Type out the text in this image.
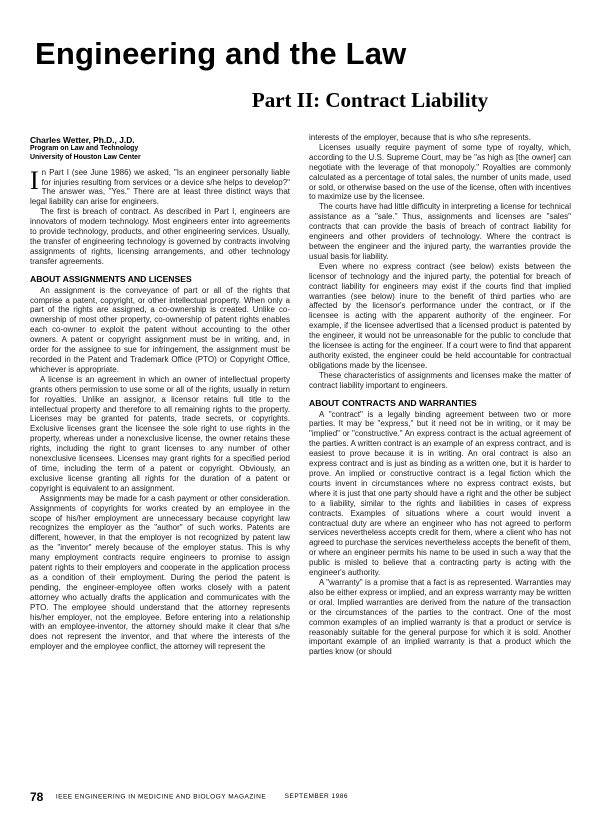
Engineering and the Law
Part II: Contract Liability

Charles Wetter, Ph.D., J.D.

Program on Law and Technology

University of Houston Law Center

In Part I (see June 1986) we asked, "Is an engineer personally liable for injuries resulting from services or a device s/he helps to develop?" The answer was, "Yes." There are at least three distinct ways that legal liability can arise for engineers.

The first is breach of contract. As described in Part I, engineers are innovators of modern technology. Most engineers enter into agreements to provide technology, products, and other engineering services. Usually, the transfer of engineering technology is governed by contracts involving assignments of rights, licensing arrangements, and other technology transfer agreements.

ABOUT ASSIGNMENTS AND LICENSES

An assignment is the conveyance of part or all of the rights that comprise a patent, copyright, or other intellectual property. When only a part of the rights are assigned, a co-ownership is created. Unlike co-ownership of most other property, co-ownership of patent rights enables each co-owner to exploit the patent without accounting to the other owners. A patent or copyright assignment must be in writing, and, in order for the assignee to sue for infringement, the assignment must be recorded in the Patent and Trademark Office (PTO) or Copyright Office, whichever is appropriate.

A license is an agreement in which an owner of intellectual property grants others permission to use some or all of the rights, usually in return for royalties. Unlike an assignor, a licensor retains full title to the intellectual property and therefore to all remaining rights to the property. Licenses may be granted for patents, trade secrets, or copyrights. Exclusive licenses grant the licensee the sole right to use rights in the property, whereas under a nonexclusive license, the owner retains these rights, including the right to grant licenses to any number of other nonexclusive licensees. Licenses may grant rights for a specified period of time, including the term of a patent or copyright. Obviously, an exclusive license granting all rights for the duration of a patent or copyright is equivalent to an assignment.

Assignments may be made for a cash payment or other consideration. Assignments of copyrights for works created by an employee in the scope of his/her employment are unnecessary because copyright law recognizes the employer as the "author" of such works. Patents are different, however, in that the employer is not recognized by patent law as the "inventor" merely because of the employer status. This is why many employment contracts require engineers to promise to assign patent rights to their employers and cooperate in the application process as a condition of their employment. During the period the patent is pending, the engineer-employee often works closely with a patent attorney who actually drafts the application and communicates with the PTO. The employee should understand that the attorney represents his/her employer, not the employee. Before entering into a relationship with an employee-inventor, the attorney should make it clear that s/he does not represent the inventor, and that where the interests of the employer and the employee conflict, the attorney will represent the

interests of the employer, because that is who s/he represents.

Licenses usually require payment of some type of royalty, which, according to the U.S. Supreme Court, may be "as high as [the owner] can negotiate with the leverage of that monopoly." Royalties are commonly calculated as a percentage of total sales, the number of units made, used or sold, or otherwise based on the use of the license, often with incentives to maximize use by the licensee.

The courts have had little difficulty in interpreting a license for technical assistance as a "sale." Thus, assignments and licenses are "sales" contracts that can provide the basis of breach of contract liability for engineers and other providers of technology. Where the contract is between the engineer and the injured party, the warranties provide the usual basis for liability.

Even where no express contract (see below) exists between the licensor of technology and the injured party, the potential for breach of contract liability for engineers may exist if the courts find that implied warranties (see below) inure to the benefit of third parties who are affected by the licensor's performance under the contract, or if the licensee is acting with the apparent authority of the engineer. For example, if the licensee advertised that a licensed product is patented by the engineer, it would not be unreasonable for the public to conclude that the licensee is acting for the engineer. If a court were to find that apparent authority existed, the engineer could be held accountable for contractual obligations made by the licensee.

These characteristics of assignments and licenses make the matter of contract liability important to engineers.

ABOUT CONTRACTS AND WARRANTIES

A "contract" is a legally binding agreement between two or more parties. It may be "express," but it need not be in writing, or it may be "implied" or "constructive." An express contract is the actual agreement of the parties. A written contract is an example of an express contract, and is easiest to prove because it is in writing. An oral contract is also an express contract and is just as binding as a written one, but it is harder to prove. An implied or constructive contract is a legal fiction which the courts invent in circumstances where no express contract exists, but where it is just that one party should have a right and the other be subject to a liability, similar to the rights and liabilities in cases of express contracts. Examples of situations where a court would invent a contractual duty are where an engineer who has not agreed to perform services nevertheless accepts credit for them, where a client who has not agreed to purchase the services nevertheless accepts the benefit of them, or where an engineer permits his name to be used in such a way that the public is misled to believe that a contracting party is acting with the engineer's authority.

A "warranty" is a promise that a fact is as represented. Warranties may also be either express or implied, and an express warranty may be written or oral. Implied warranties are derived from the nature of the transaction or the circumstances of the parties to the contract. One of the most common examples of an implied warranty is that a product or service is reasonably suitable for the general purpose for which it is sold. Another important example of an implied warranty is that a product which the parties know (or should

78 IEEE ENGINEERING IN MEDICINE AND BIOLOGY MAGAZINE	SEPTEMBER 1986
